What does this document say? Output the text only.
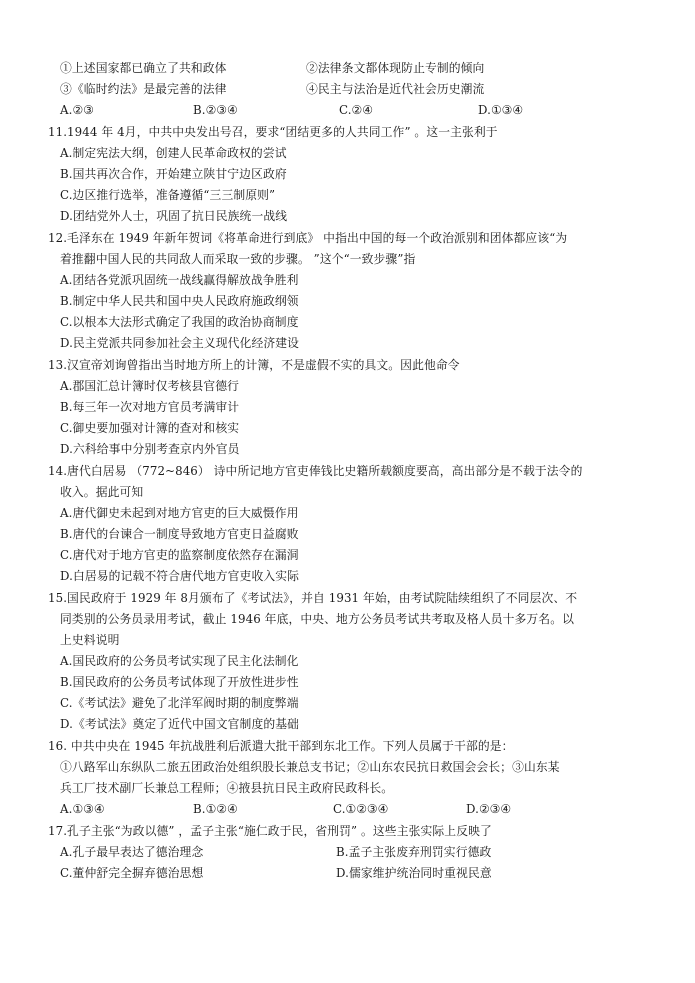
①上述国家都已确立了共和政体	②法律条文都体现防止专制的倾向
③《临时约法》是最完善的法律	④民主与法治是近代社会历史潮流
A.②③	B.②③④	C.②④	D.①③④
11.1944 年 4月，中共中央发出号召，要求“团结更多的人共同工作” 。这一主张利于
A.制定宪法大纲，创建人民革命政权的尝试
B.国共再次合作，开始建立陕甘宁边区政府
C.边区推行选举，准备遵循“三三制原则”
D.团结党外人士，巩固了抗日民族统一战线
12.毛泽东在 1949 年新年贺词《将革命进行到底》 中指出中国的每一个政治派别和团体都应该“为
着推翻中国人民的共同敌人而采取一致的步骤。 ”这个“一致步骤”指
A.团结各党派巩固统一战线赢得解放战争胜利
B.制定中华人民共和国中央人民政府施政纲领
C.以根本大法形式确定了我国的政治协商制度
D.民主党派共同参加社会主义现代化经济建设
13.汉宣帝刘询曾指出当时地方所上的计簿，不是虚假不实的具文。因此他命令
A.郡国汇总计簿时仅考核县官德行
B.每三年一次对地方官员考满审计
C.御史要加强对计簿的查对和核实
D.六科给事中分别考查京内外官员
14.唐代白居易 （772~846） 诗中所记地方官吏俸钱比史籍所载额度要高，高出部分是不载于法令的
收入。据此可知
A.唐代御史未起到对地方官吏的巨大威慑作用
B.唐代的台谏合一制度导致地方官吏日益腐败
C.唐代对于地方官吏的监察制度依然存在漏洞
D.白居易的记载不符合唐代地方官吏收入实际
15.国民政府于 1929 年 8月颁布了《考试法》，并自 1931 年始，由考试院陆续组织了不同层次、不
同类别的公务员录用考试，截止 1946 年底，中央、地方公务员考试共考取及格人员十多万名。以
上史料说明
A.国民政府的公务员考试实现了民主化法制化
B.国民政府的公务员考试体现了开放性进步性
C.《考试法》避免了北洋军阀时期的制度弊端
D.《考试法》奠定了近代中国文官制度的基础
16. 中共中央在 1945 年抗战胜利后派遣大批干部到东北工作。下列人员属于干部的是：
①八路军山东纵队二旅五团政治处组织股长兼总支书记；②山东农民抗日救国会会长；③山东某
兵工厂技术副厂长兼总工程师；④掖县抗日民主政府民政科长。
A.①③④	B.①②④	C.①②③④	D.②③④
17.孔子主张“为政以德” ，孟子主张“施仁政于民，省刑罚” 。这些主张实际上反映了
A.孔子最早表达了德治理念	B.孟子主张废弃刑罚实行德政
C.董仲舒完全摒弃德治思想	D.儒家维护统治同时重视民意
